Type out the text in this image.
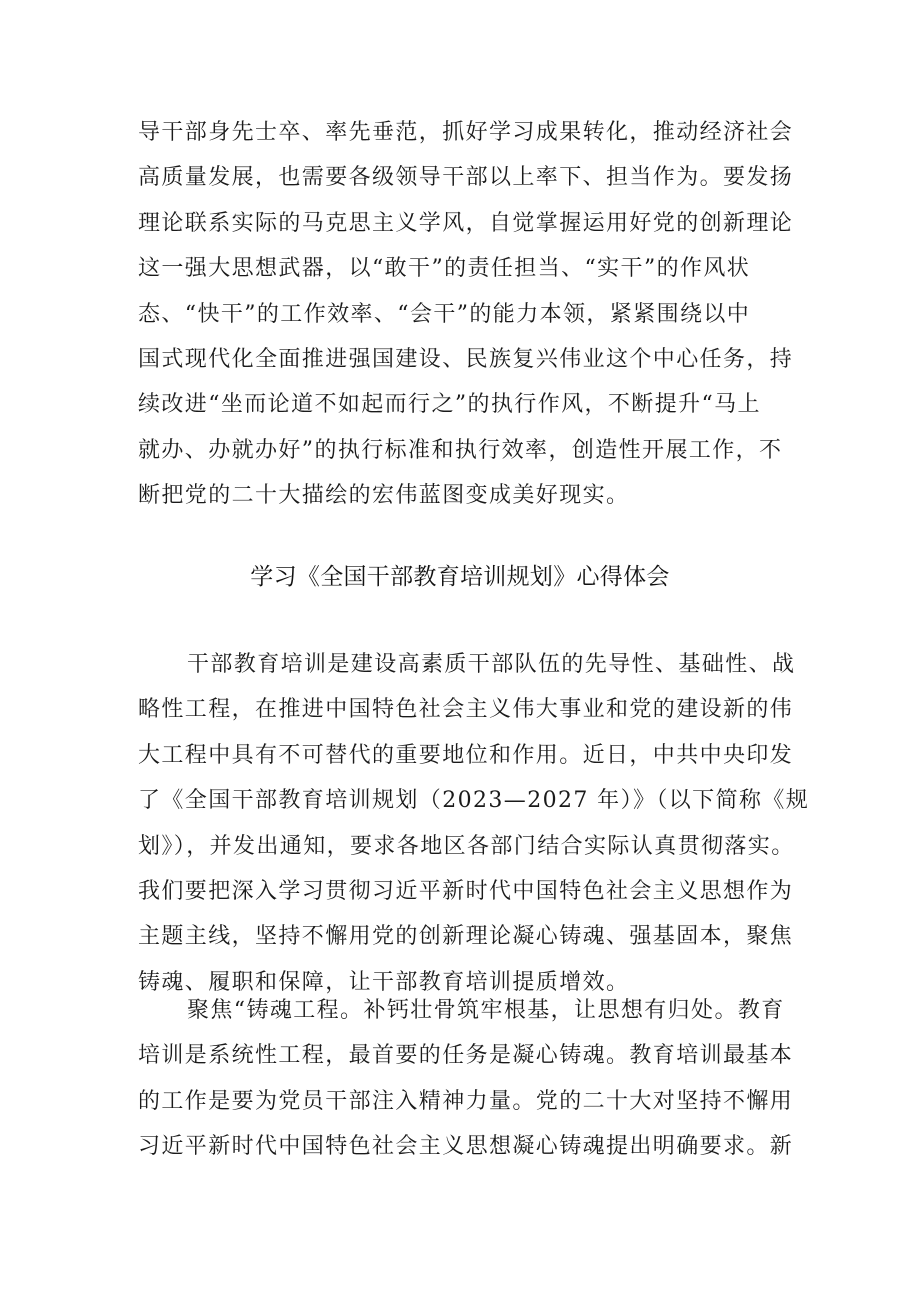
导干部身先士卒、率先垂范，抓好学习成果转化，推动经济社会
高质量发展，也需要各级领导干部以上率下、担当作为。要发扬
理论联系实际的马克思主义学风，自觉掌握运用好党的创新理论
这一强大思想武器，以“敢干”的责任担当、“实干”的作风状
态、“快干”的工作效率、“会干”的能力本领，紧紧围绕以中
国式现代化全面推进强国建设、民族复兴伟业这个中心任务，持
续改进“坐而论道不如起而行之”的执行作风，不断提升“马上
就办、办就办好”的执行标准和执行效率，创造性开展工作，不
断把党的二十大描绘的宏伟蓝图变成美好现实。
学习《全国干部教育培训规划》心得体会
干部教育培训是建设高素质干部队伍的先导性、基础性、战
略性工程，在推进中国特色社会主义伟大事业和党的建设新的伟
大工程中具有不可替代的重要地位和作用。近日，中共中央印发
了《全国干部教育培训规划（2023—2027 年）》（以下简称《规
划》），并发出通知，要求各地区各部门结合实际认真贯彻落实。
我们要把深入学习贯彻习近平新时代中国特色社会主义思想作为
主题主线，坚持不懈用党的创新理论凝心铸魂、强基固本，聚焦
铸魂、履职和保障，让干部教育培训提质增效。
聚焦“铸魂工程。补钙壮骨筑牢根基，让思想有归处。教育
培训是系统性工程，最首要的任务是凝心铸魂。教育培训最基本
的工作是要为党员干部注入精神力量。党的二十大对坚持不懈用
习近平新时代中国特色社会主义思想凝心铸魂提出明确要求。新
